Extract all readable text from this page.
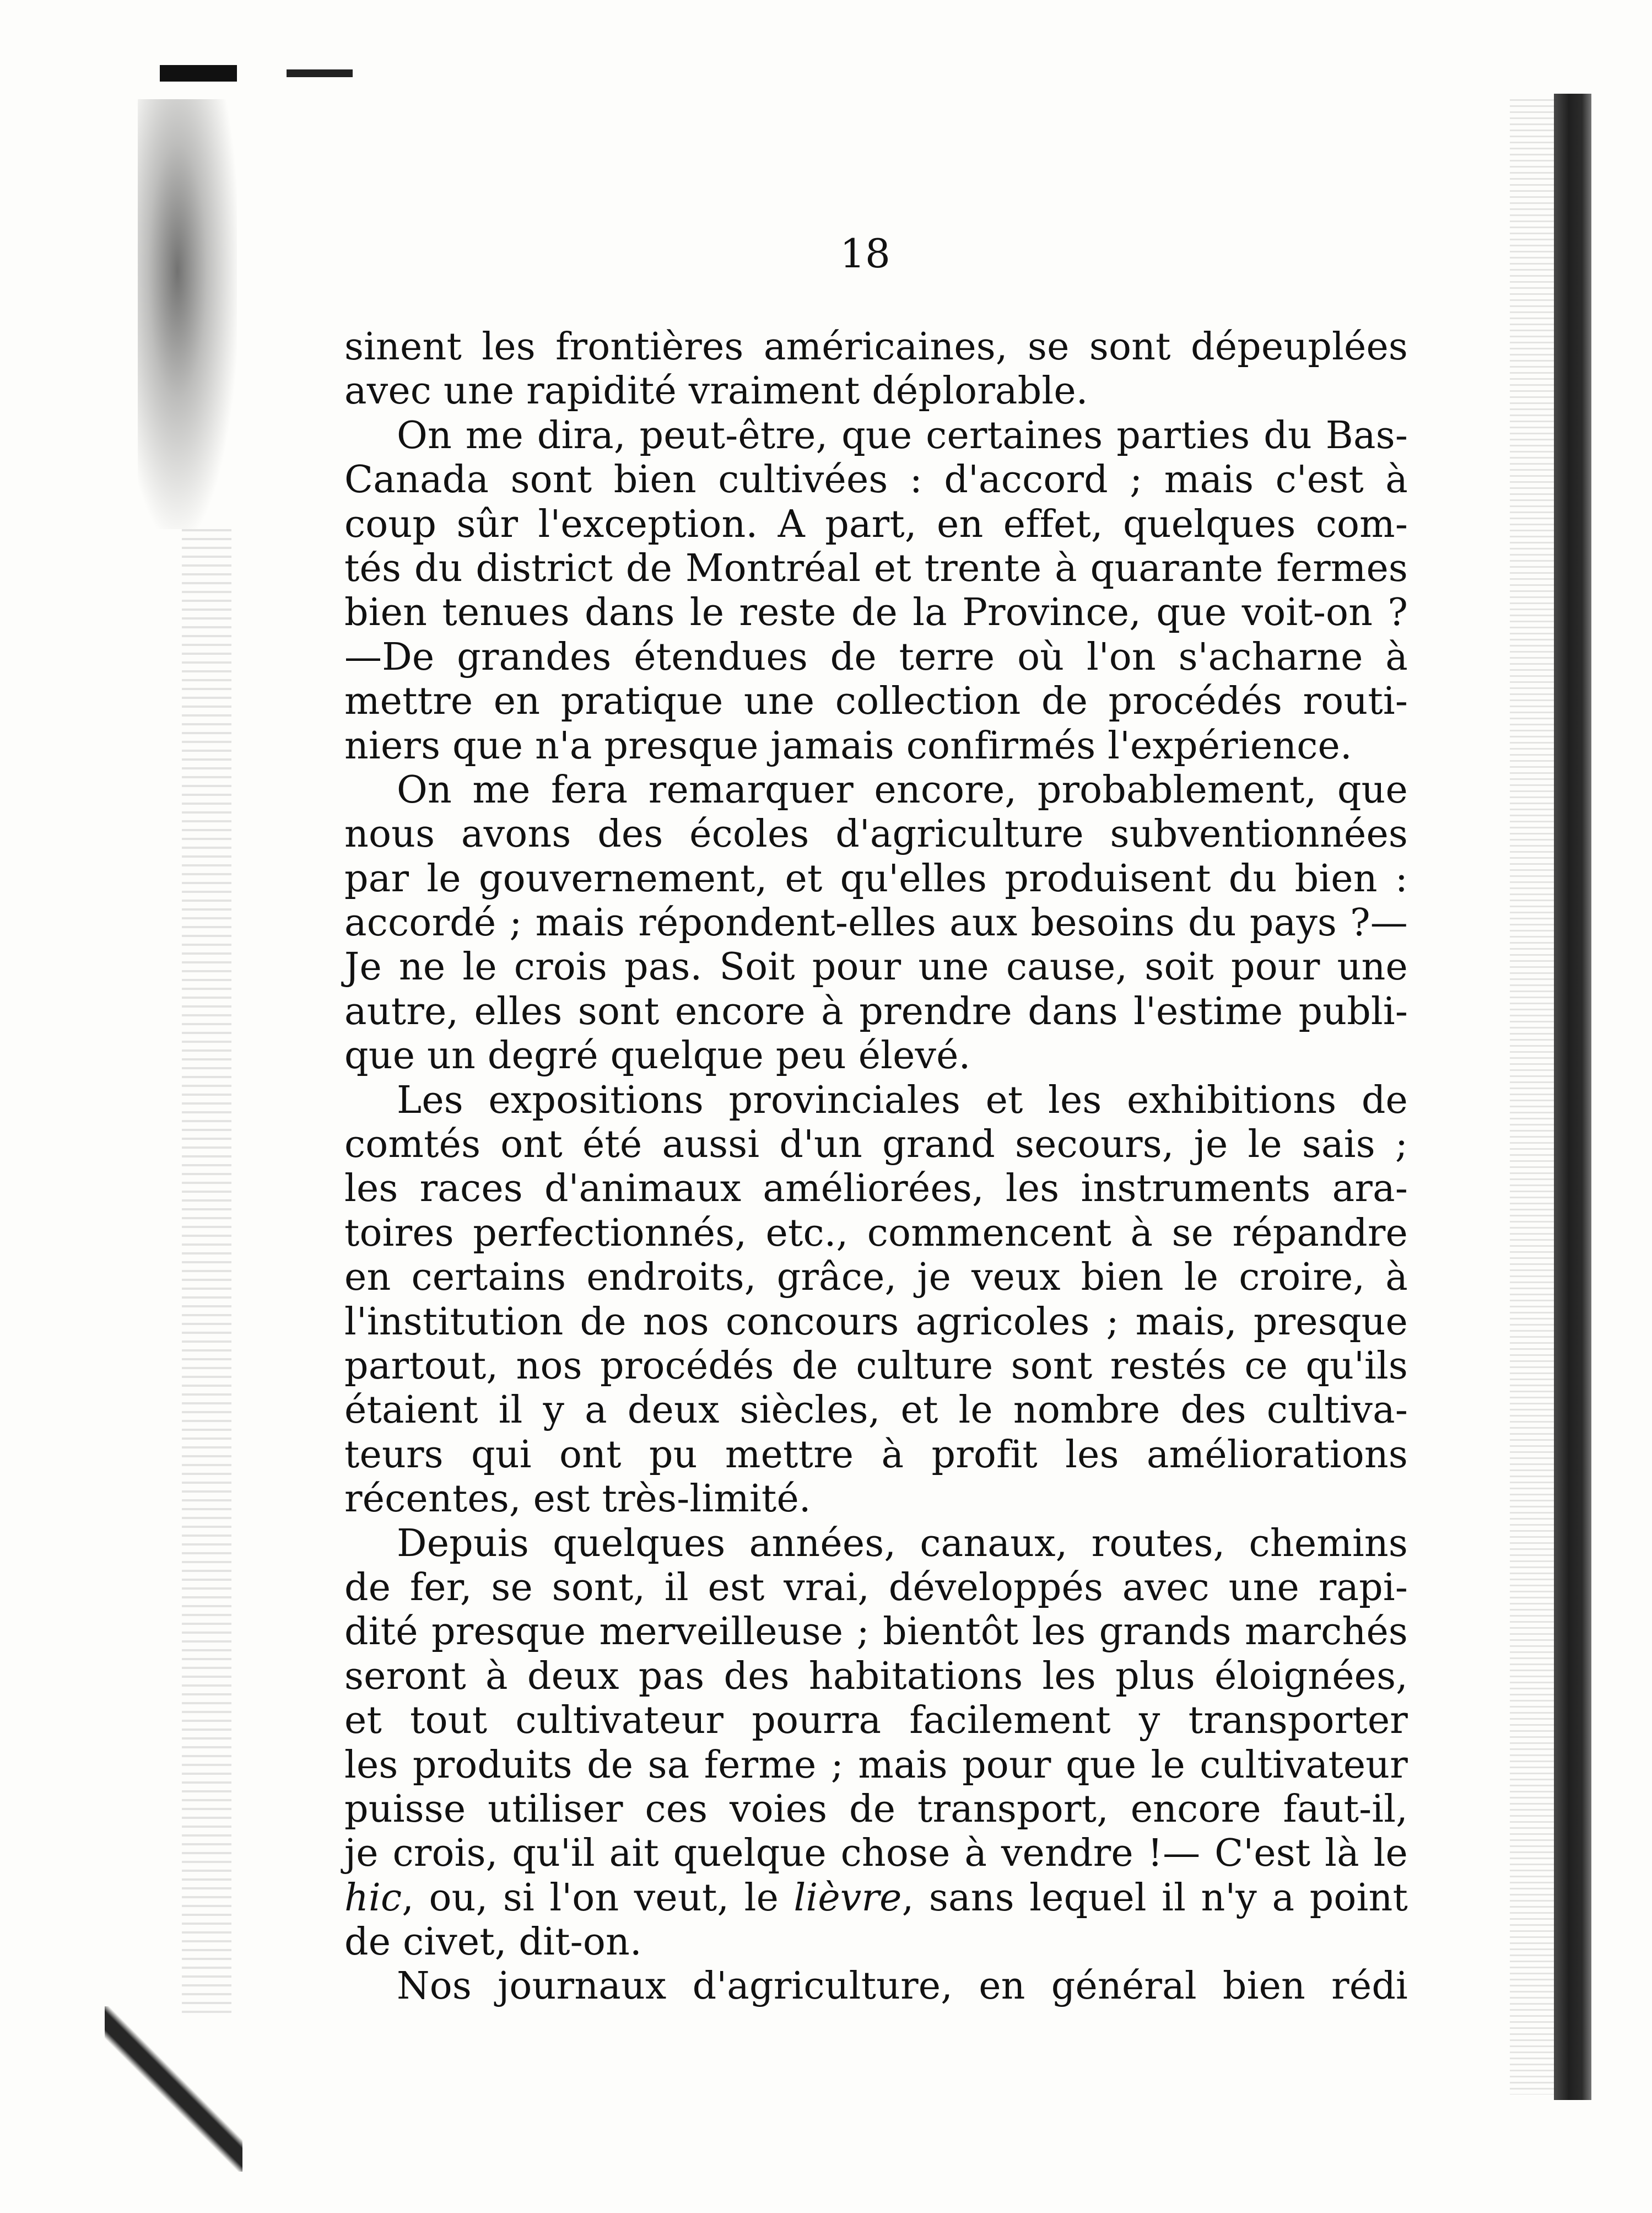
18
sinent les frontières américaines, se sont dépeuplées
avec une rapidité vraiment déplorable.
On me dira, peut-être, que certaines parties du Bas-
Canada sont bien cultivées : d'accord ; mais c'est à
coup sûr l'exception. A part, en effet, quelques com-
tés du district de Montréal et trente à quarante fermes
bien tenues dans le reste de la Province, que voit-on ?
—De grandes étendues de terre où l'on s'acharne à
mettre en pratique une collection de procédés routi-
niers que n'a presque jamais confirmés l'expérience.
On me fera remarquer encore, probablement, que
nous avons des écoles d'agriculture subventionnées
par le gouvernement, et qu'elles produisent du bien :
accordé ; mais répondent-elles aux besoins du pays ?—
Je ne le crois pas. Soit pour une cause, soit pour une
autre, elles sont encore à prendre dans l'estime publi-
que un degré quelque peu élevé.
Les expositions provinciales et les exhibitions de
comtés ont été aussi d'un grand secours, je le sais ;
les races d'animaux améliorées, les instruments ara-
toires perfectionnés, etc., commencent à se répandre
en certains endroits, grâce, je veux bien le croire, à
l'institution de nos concours agricoles ; mais, presque
partout, nos procédés de culture sont restés ce qu'ils
étaient il y a deux siècles, et le nombre des cultiva-
teurs qui ont pu mettre à profit les améliorations
récentes, est très-limité.
Depuis quelques années, canaux, routes, chemins
de fer, se sont, il est vrai, développés avec une rapi-
dité presque merveilleuse ; bientôt les grands marchés
seront à deux pas des habitations les plus éloignées,
et tout cultivateur pourra facilement y transporter
les produits de sa ferme ; mais pour que le cultivateur
puisse utiliser ces voies de transport, encore faut-il,
je crois, qu'il ait quelque chose à vendre !— C'est là le
hic, ou, si l'on veut, le lièvre, sans lequel il n'y a point
de civet, dit-on.
Nos journaux d'agriculture, en général bien rédi
